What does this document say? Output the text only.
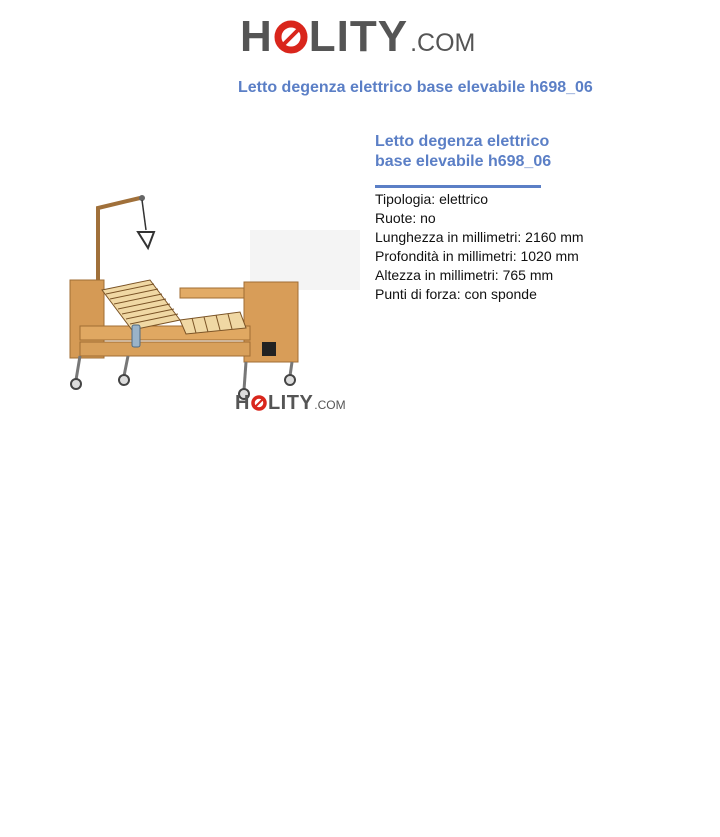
H LITY .COM
Letto degenza elettrico base elevabile h698_06
H LITY .COM
Letto degenza elettrico base elevabile h698_06
Tipologia: elettrico
Ruote: no
Lunghezza in millimetri: 2160 mm
Profondità in millimetri: 1020 mm
Altezza in millimetri: 765 mm
Punti di forza: con sponde
